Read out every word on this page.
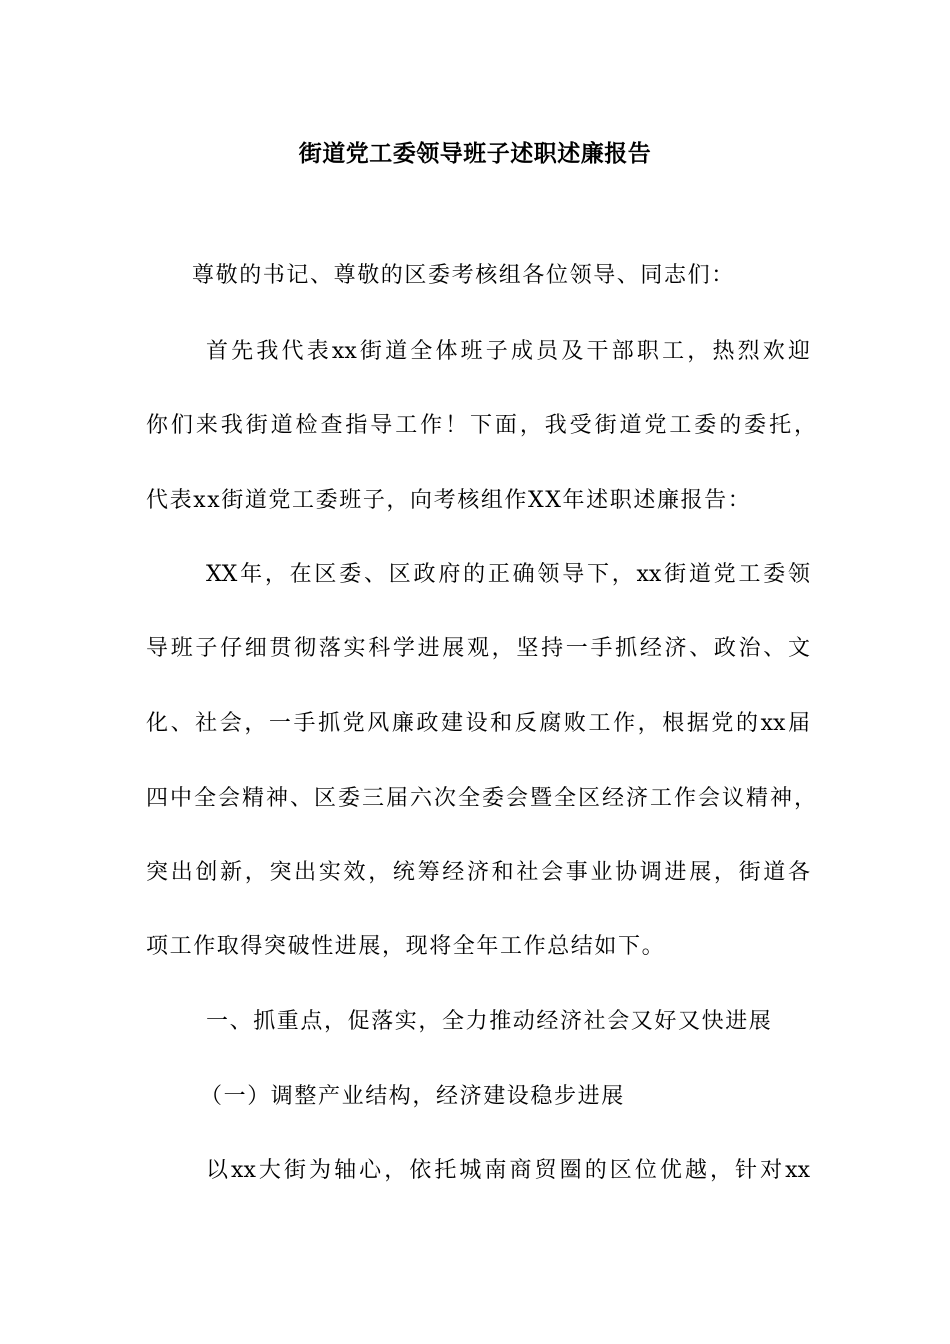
街道党工委领导班子述职述廉报告
尊敬的书记、尊敬的区委考核组各位领导、同志们：
首先我代表xx街道全体班子成员及干部职工，热烈欢迎
你们来我街道检查指导工作！下面，我受街道党工委的委托，
代表xx街道党工委班子，向考核组作XX年述职述廉报告：
XX年，在区委、区政府的正确领导下，xx街道党工委领
导班子仔细贯彻落实科学进展观，坚持一手抓经济、政治、文
化、社会，一手抓党风廉政建设和反腐败工作，根据党的xx届
四中全会精神、区委三届六次全委会暨全区经济工作会议精神，
突出创新，突出实效，统筹经济和社会事业协调进展，街道各
项工作取得突破性进展，现将全年工作总结如下。
一、抓重点，促落实，全力推动经济社会又好又快进展
（一）调整产业结构，经济建设稳步进展
以xx大街为轴心，依托城南商贸圈的区位优越，针对xx
